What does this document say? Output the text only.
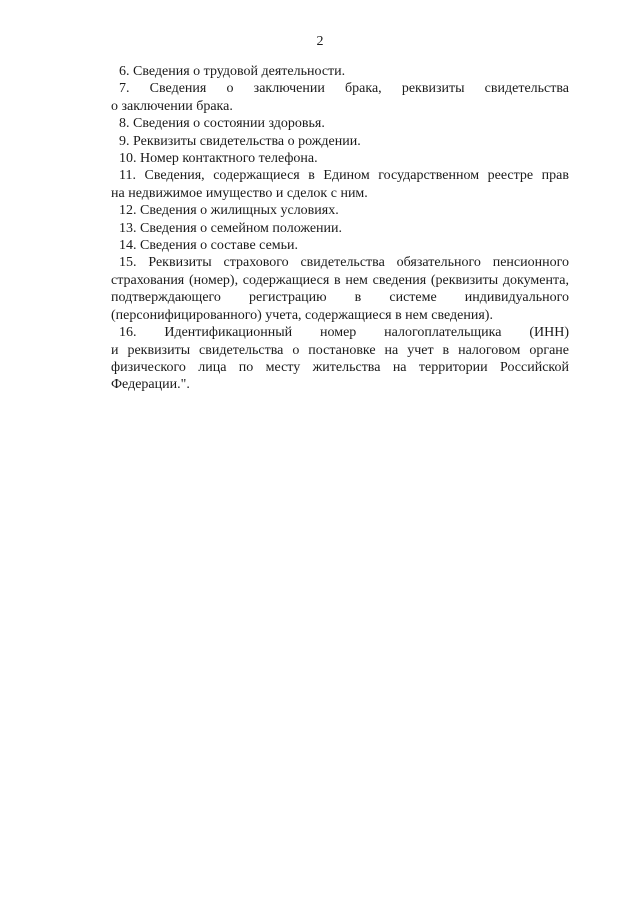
2

6. Сведения о трудовой деятельности.

7. Сведения о заключении брака, реквизиты свидетельства
о заключении брака.

8. Сведения о состоянии здоровья.

9. Реквизиты свидетельства о рождении.

10. Номер контактного телефона.

11. Сведения, содержащиеся в Едином государственном реестре прав
на недвижимое имущество и сделок с ним.

12. Сведения о жилищных условиях.

13. Сведения о семейном положении.

14. Сведения о составе семьи.

15. Реквизиты страхового свидетельства обязательного пенсионного
страхования (номер), содержащиеся в нем сведения (реквизиты документа,
подтверждающего регистрацию в системе индивидуального
(персонифицированного) учета, содержащиеся в нем сведения).

16. Идентификационный номер налогоплательщика (ИНН)
и реквизиты свидетельства о постановке на учет в налоговом органе
физического лица по месту жительства на территории Российской
Федерации.".
